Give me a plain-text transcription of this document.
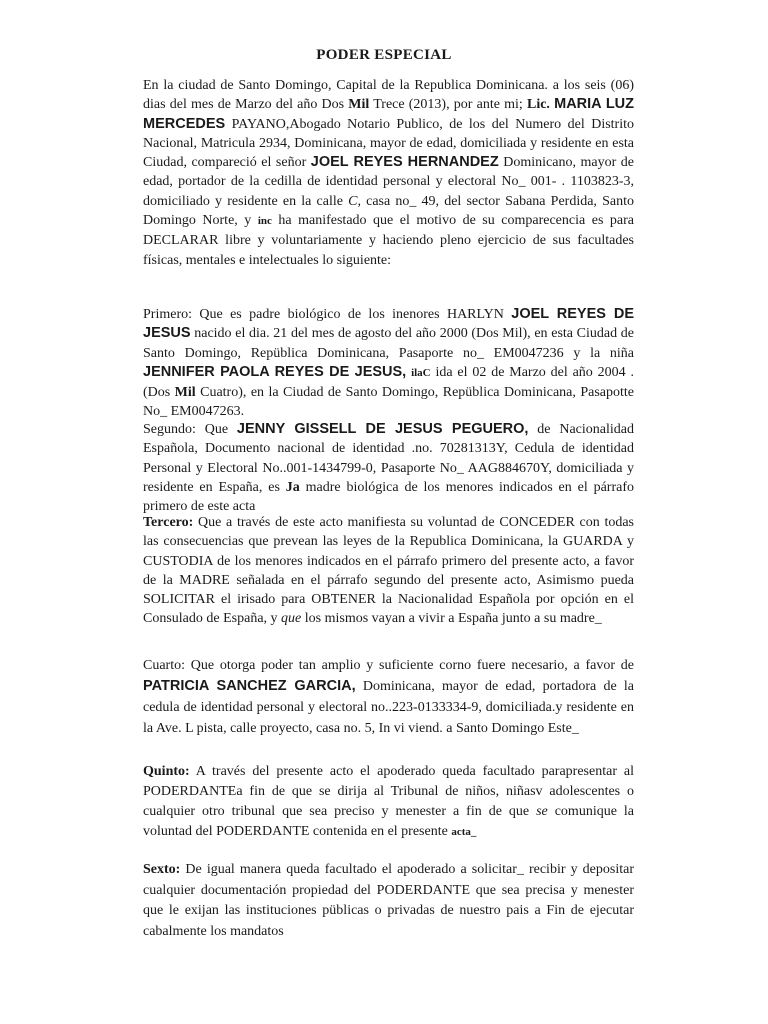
PODER ESPECIAL

En la ciudad de Santo Domingo, Capital de la Republica Dominicana. a los seis (06) dias del mes de Marzo del año Dos Mil Trece (2013), por ante mi; Lic. MARIA LUZ MERCEDES PAYANO,Abogado Notario Publico, de los del Numero del Distrito Nacional, Matricula 2934, Dominicana, mayor de edad, domiciliada y residente en esta Ciudad, compareció el señor JOEL REYES HERNANDEZ Dominicano, mayor de edad, portador de la cedilla de identidad personal y electoral No_ 001- . 1103823-3, domiciliado y residente en la calle C, casa no_ 49, del sector Sabana Perdida, Santo Domingo Norte, y inc ha manifestado que el motivo de su comparecencia es para DECLARAR libre y voluntariamente y haciendo pleno ejercicio de sus facultades físicas, mentales e intelectuales lo siguiente:

Primero: Que es padre biológico de los inenores HARLYN JOEL REYES DE JESUS nacido el dia. 21 del mes de agosto del año 2000 (Dos Mil), en esta Ciudad de Santo Domingo, Repüblica Dominicana, Pasaporte no_ EM0047236 y la niña JENNIFER PAOLA REYES DE JESUS, ilaC ida el 02 de Marzo del año 2004 .(Dos Mil Cuatro), en la Ciudad de Santo Domingo, Repüblica Dominicana, Pasapotte No_ EM0047263.

Segundo: Que JENNY GISSELL DE JESUS PEGUERO, de Nacionalidad Española, Documento nacional de identidad .no. 70281313Y, Cedula de identidad Personal y Electoral No..001-1434799-0, Pasaporte No_ AAG884670Y, domiciliada y residente en España, es Ja madre biológica de los menores indicados en el párrafo primero de este acta

Tercero: Que a través de este acto manifiesta su voluntad de CONCEDER con todas las consecuencias que prevean las leyes de la Republica Dominicana, la GUARDA y CUSTODIA de los menores indicados en el párrafo primero del presente acto, a favor de la MADRE señalada en el párrafo segundo del presente acto, Asimismo pueda SOLICITAR el irisado para OBTENER la Nacionalidad Española por opción en el Consulado de España, y que los mismos vayan a vivir a España junto a su madre_

Cuarto: Que otorga poder tan amplio y suficiente corno fuere necesario, a favor de PATRICIA SANCHEZ GARCIA, Dominicana, mayor de edad, portadora de la cedula de identidad personal y electoral no..223-0133334-9, domiciliada.y residente en la Ave. L pista, calle proyecto, casa no. 5, In vi viend. a Santo Domingo Este_

Quinto: A través del presente acto el apoderado queda facultado parapresentar al PODERDANTEa fin de que se dirija al Tribunal de niños, niñasv adolescentes o cualquier otro tribunal que sea preciso y menester a fin de que se comunique la voluntad del PODERDANTE contenida en el presente acta_

Sexto: De igual manera queda facultado el apoderado a solicitar_ recibir y depositar cualquier documentación propiedad del PODERDANTE que sea precisa y menester que le exijan las instituciones püblicas o privadas de nuestro pais a Fin de ejecutar cabalmente los mandatos
